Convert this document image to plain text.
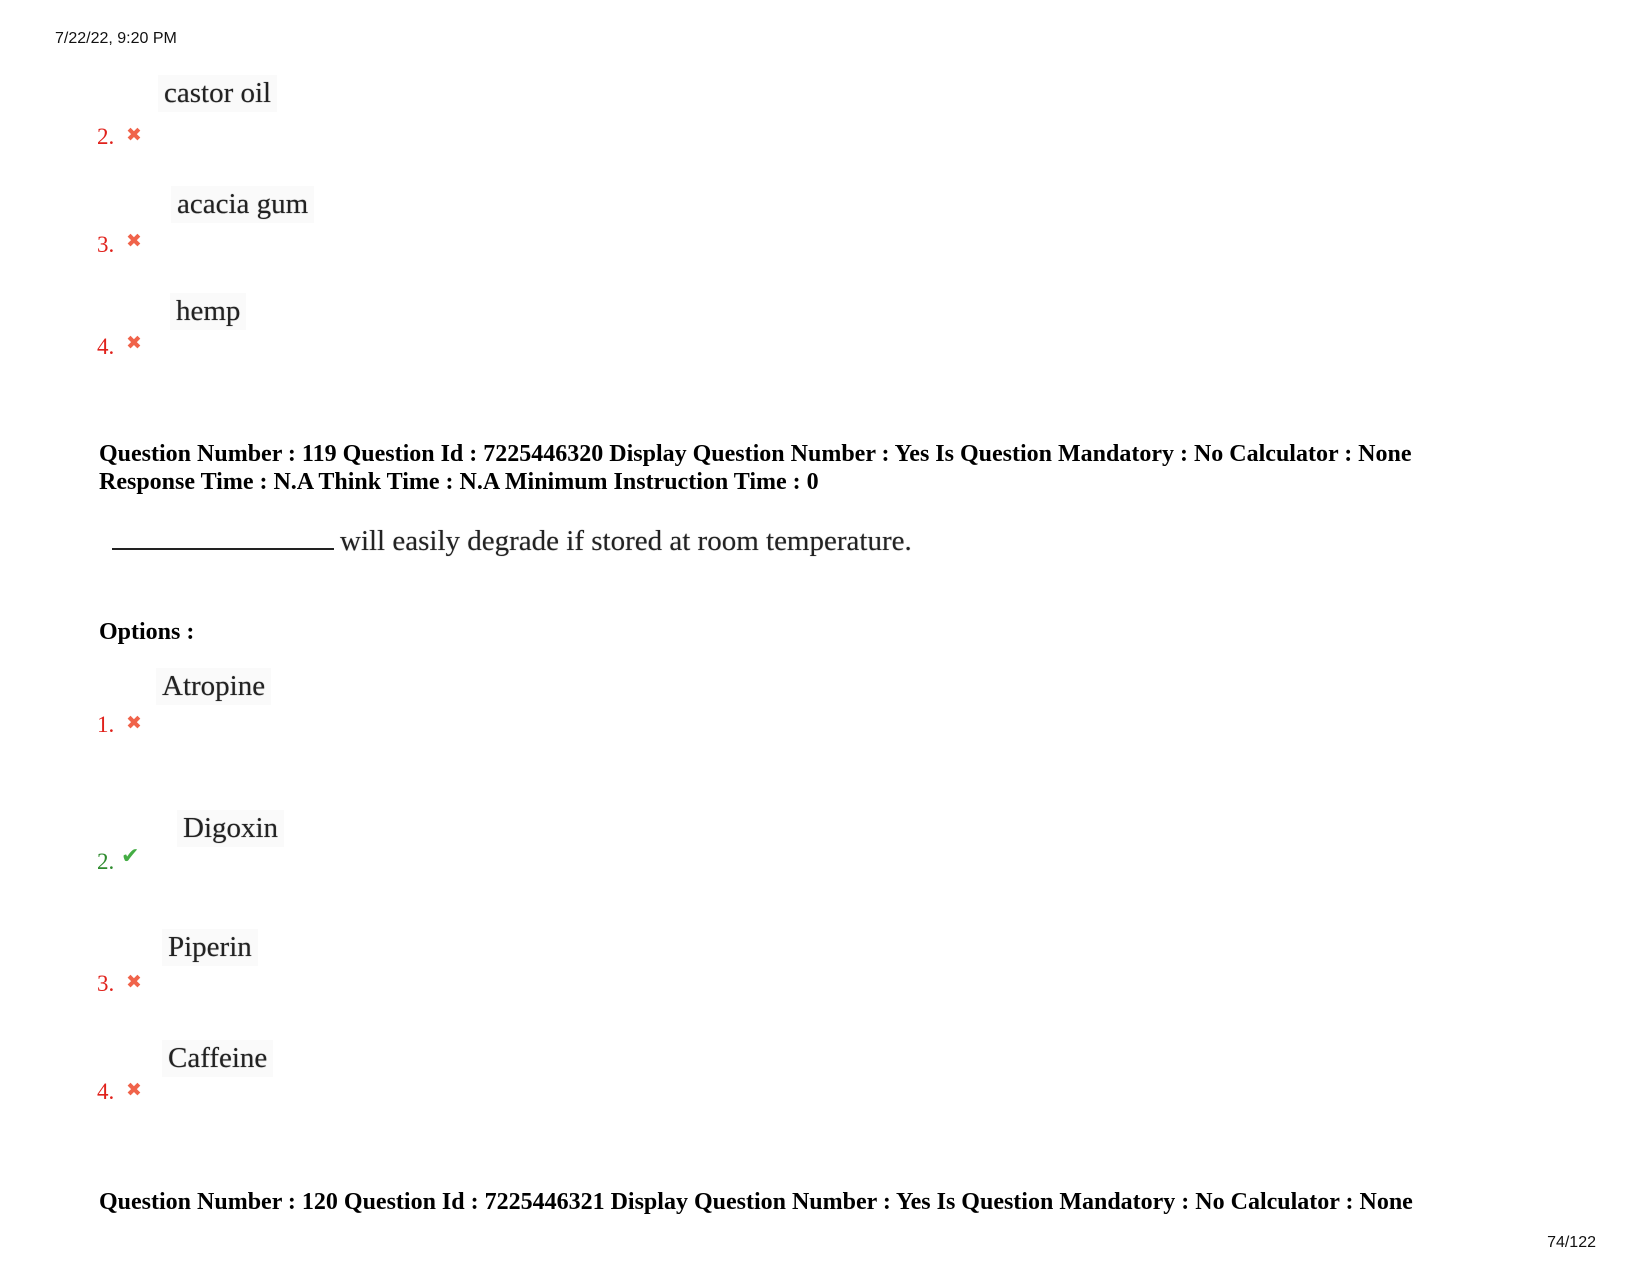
7/22/22, 9:20 PM
castor oil
2. ✖
acacia gum
3. ✖
hemp
4. ✖
Question Number : 119 Question Id : 7225446320 Display Question Number : Yes Is Question Mandatory : No Calculator : None
Response Time : N.A Think Time : N.A Minimum Instruction Time : 0
will easily degrade if stored at room temperature.
Options :
Atropine
1. ✖
Digoxin
2. ✔
Piperin
3. ✖
Caffeine
4. ✖
Question Number : 120 Question Id : 7225446321 Display Question Number : Yes Is Question Mandatory : No Calculator : None
74/122
